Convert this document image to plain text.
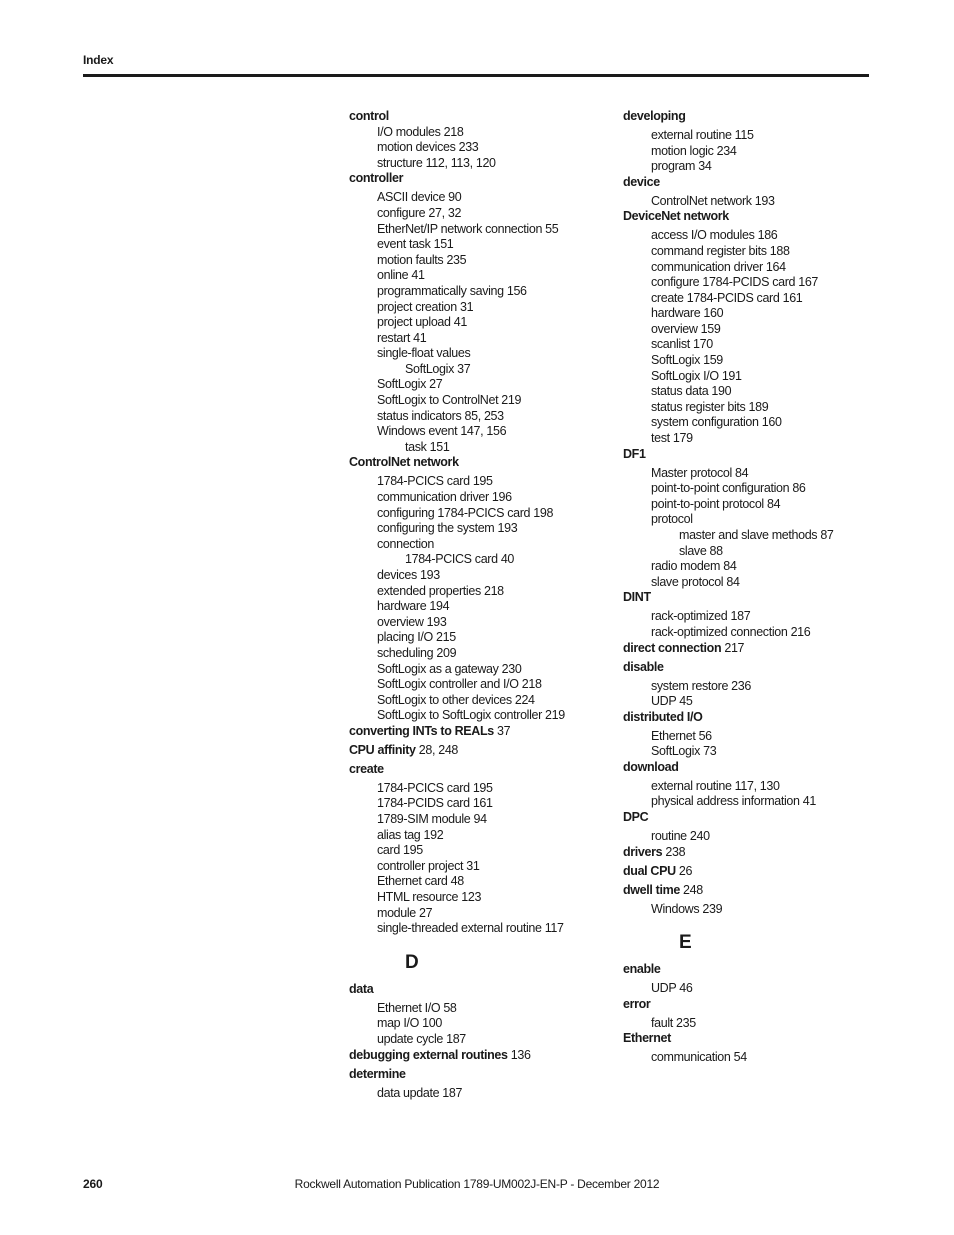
Index
control
I/O modules 218
motion devices 233
structure 112, 113, 120
controller
ASCII device 90
configure 27, 32
EtherNet/IP network connection 55
event task 151
motion faults 235
online 41
programmatically saving 156
project creation 31
project upload 41
restart 41
single-float values
SoftLogix 37
SoftLogix 27
SoftLogix to ControlNet 219
status indicators 85, 253
Windows event 147, 156
task 151
ControlNet network
1784-PCICS card 195
communication driver 196
configuring 1784-PCICS card 198
configuring the system 193
connection
1784-PCICS card 40
devices 193
extended properties 218
hardware 194
overview 193
placing I/O 215
scheduling 209
SoftLogix as a gateway 230
SoftLogix controller and I/O 218
SoftLogix to other devices 224
SoftLogix to SoftLogix controller 219
converting INTs to REALs 37
CPU affinity 28, 248
create
1784-PCICS card 195
1784-PCIDS card 161
1789-SIM module 94
alias tag 192
card 195
controller project 31
Ethernet card 48
HTML resource 123
module 27
single-threaded external routine 117
D
data
Ethernet I/O 58
map I/O 100
update cycle 187
debugging external routines 136
determine
data update 187
developing
external routine 115
motion logic 234
program 34
device
ControlNet network 193
DeviceNet network
access I/O modules 186
command register bits 188
communication driver 164
configure 1784-PCIDS card 167
create 1784-PCIDS card 161
hardware 160
overview 159
scanlist 170
SoftLogix 159
SoftLogix I/O 191
status data 190
status register bits 189
system configuration 160
test 179
DF1
Master protocol 84
point-to-point configuration 86
point-to-point protocol 84
protocol
master and slave methods 87
slave 88
radio modem 84
slave protocol 84
DINT
rack-optimized 187
rack-optimized connection 216
direct connection 217
disable
system restore 236
UDP 45
distributed I/O
Ethernet 56
SoftLogix 73
download
external routine 117, 130
physical address information 41
DPC
routine 240
drivers 238
dual CPU 26
dwell time 248
Windows 239
E
enable
UDP 46
error
fault 235
Ethernet
communication 54
260	Rockwell Automation Publication 1789-UM002J-EN-P - December 2012
